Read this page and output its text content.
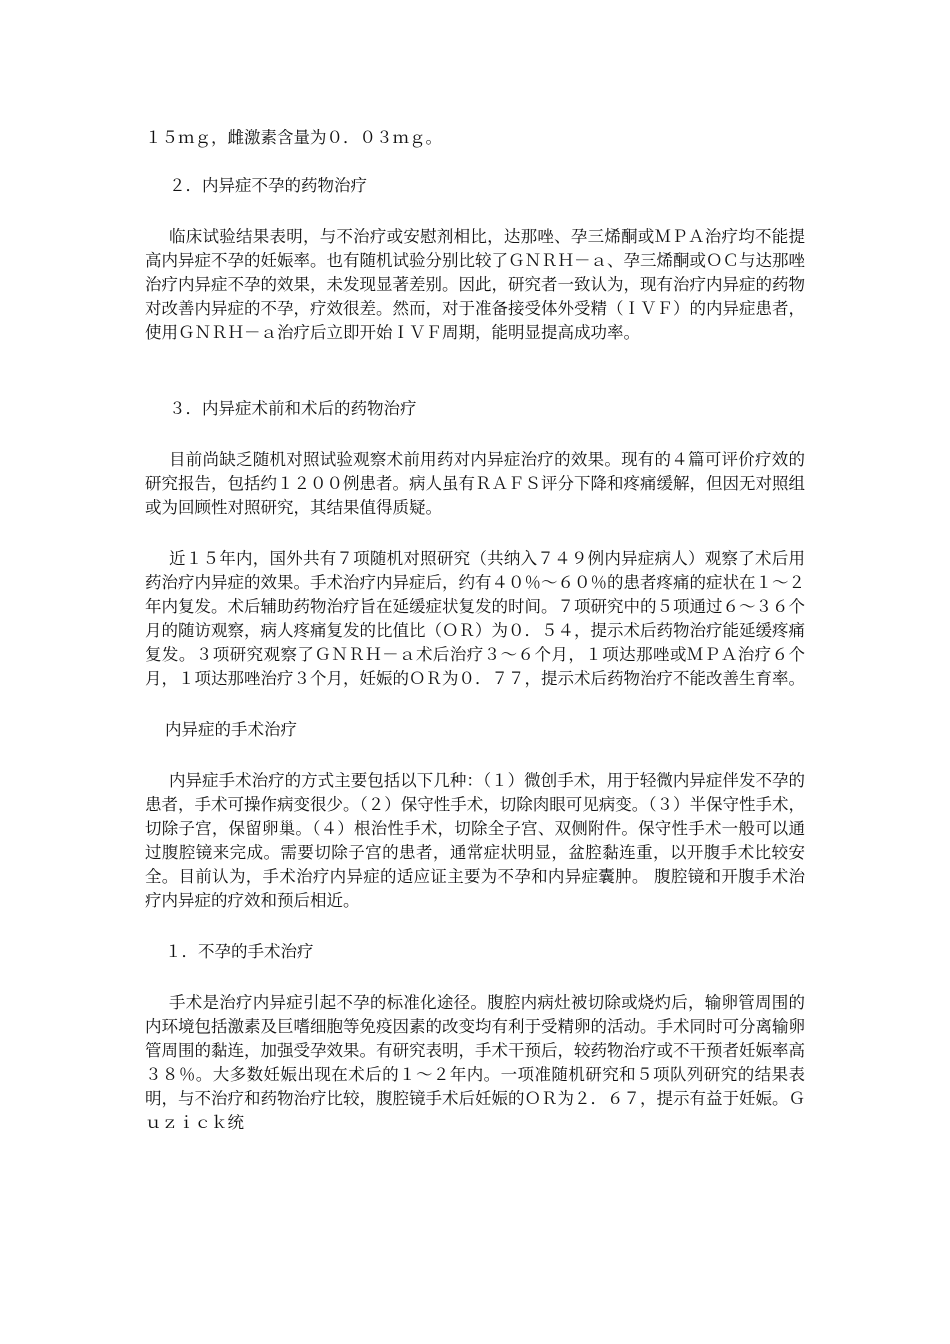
１５ｍｇ，雌激素含量为０．０３ｍｇ。

２．内异症不孕的药物治疗

临床试验结果表明，与不治疗或安慰剂相比，达那唑、孕三烯酮或ＭＰＡ治疗均不能提高内异症不孕的妊娠率。也有随机试验分别比较了ＧＮＲＨ－ａ、孕三烯酮或ＯＣ与达那唑治疗内异症不孕的效果，未发现显著差别。因此，研究者一致认为，现有治疗内异症的药物对改善内异症的不孕，疗效很差。然而，对于准备接受体外受精（ＩＶＦ）的内异症患者，使用ＧＮＲＨ－ａ治疗后立即开始ＩＶＦ周期，能明显提高成功率。

３．内异症术前和术后的药物治疗

目前尚缺乏随机对照试验观察术前用药对内异症治疗的效果。现有的４篇可评价疗效的研究报告，包括约１２００例患者。病人虽有ＲＡＦＳ评分下降和疼痛缓解，但因无对照组或为回顾性对照研究，其结果值得质疑。

近１５年内，国外共有７项随机对照研究（共纳入７４９例内异症病人）观察了术后用药治疗内异症的效果。手术治疗内异症后，约有４０％～６０％的患者疼痛的症状在１～２年内复发。术后辅助药物治疗旨在延缓症状复发的时间。７项研究中的５项通过６～３６个月的随访观察，病人疼痛复发的比值比（ＯＲ）为０．５４，提示术后药物治疗能延缓疼痛复发。３项研究观察了ＧＮＲＨ－ａ术后治疗３～６个月，１项达那唑或ＭＰＡ治疗６个月，１项达那唑治疗３个月，妊娠的ＯＲ为０．７７，提示术后药物治疗不能改善生育率。

内异症的手术治疗

内异症手术治疗的方式主要包括以下几种：（１）微创手术，用于轻微内异症伴发不孕的患者，手术可操作病变很少。（２）保守性手术，切除肉眼可见病变。（３）半保守性手术，切除子宫，保留卵巢。（４）根治性手术，切除全子宫、双侧附件。保守性手术一般可以通过腹腔镜来完成。需要切除子宫的患者，通常症状明显，盆腔黏连重，以开腹手术比较安全。目前认为，手术治疗内异症的适应证主要为不孕和内异症囊肿。 腹腔镜和开腹手术治疗内异症的疗效和预后相近。

１．不孕的手术治疗

手术是治疗内异症引起不孕的标准化途径。腹腔内病灶被切除或烧灼后，输卵管周围的内环境包括激素及巨嗜细胞等免疫因素的改变均有利于受精卵的活动。手术同时可分离输卵管周围的黏连，加强受孕效果。有研究表明，手术干预后，较药物治疗或不干预者妊娠率高３８％。大多数妊娠出现在术后的１～２年内。一项准随机研究和５项队列研究的结果表明，与不治疗和药物治疗比较，腹腔镜手术后妊娠的ＯＲ为２．６７，提示有益于妊娠。Ｇｕｚｉｃｋ统
